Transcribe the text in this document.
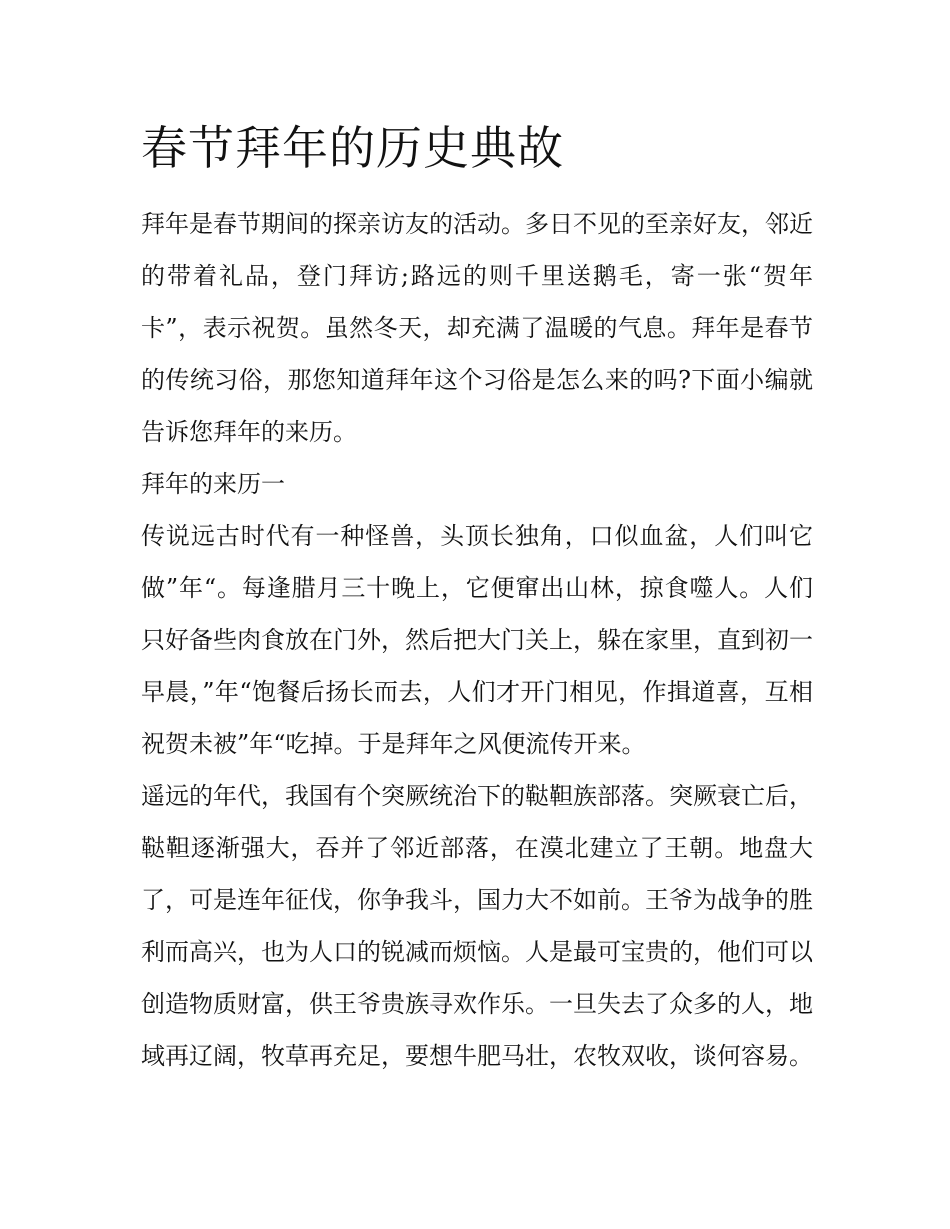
春节拜年的历史典故

拜年是春节期间的探亲访友的活动。多日不见的至亲好友，邻近的带着礼品，登门拜访;路远的则千里送鹅毛，寄一张“贺年卡”，表示祝贺。虽然冬天，却充满了温暖的气息。拜年是春节的传统习俗，那您知道拜年这个习俗是怎么来的吗?下面小编就告诉您拜年的来历。

拜年的来历一

传说远古时代有一种怪兽，头顶长独角，口似血盆，人们叫它做”年“。每逢腊月三十晚上，它便窜出山林，掠食噬人。人们只好备些肉食放在门外，然后把大门关上，躲在家里，直到初一早晨，”年“饱餐后扬长而去，人们才开门相见，作揖道喜，互相祝贺未被”年“吃掉。于是拜年之风便流传开来。

遥远的年代，我国有个突厥统治下的鞑靼族部落。突厥衰亡后，鞑靼逐渐强大，吞并了邻近部落，在漠北建立了王朝。地盘大了，可是连年征伐，你争我斗，国力大不如前。王爷为战争的胜利而高兴，也为人口的锐减而烦恼。人是最可宝贵的，他们可以创造物质财富，供王爷贵族寻欢作乐。一旦失去了众多的人，地域再辽阔，牧草再充足，要想牛肥马壮，农牧双收，谈何容易。
